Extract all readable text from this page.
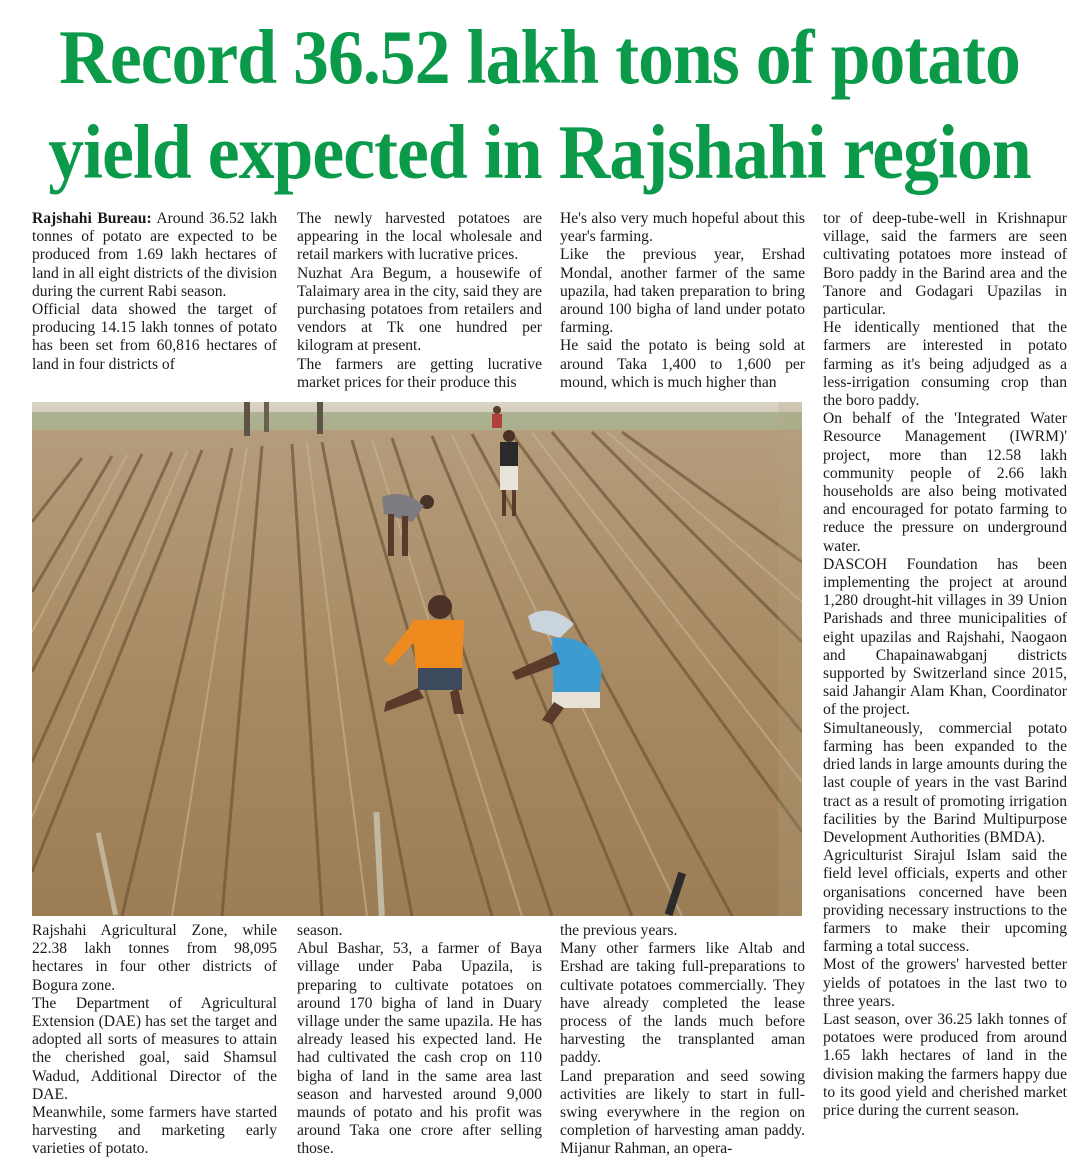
Record 36.52 lakh tons of potato
yield expected in Rajshahi region

Rajshahi Bureau: Around 36.52 lakh tonnes of potato are expected to be produced from 1.69 lakh hectares of land in all eight districts of the division during the current Rabi season.

Official data showed the target of producing 14.15 lakh tonnes of potato has been set from 60,816 hectares of land in four districts of

The newly harvested potatoes are appearing in the local wholesale and retail markers with lucrative prices.

Nuzhat Ara Begum, a housewife of Talaimary area in the city, said they are purchasing potatoes from retailers and vendors at Tk one hundred per kilogram at present.

The farmers are getting lucrative market prices for their produce this

He's also very much hopeful about this year's farming.

Like the previous year, Ershad Mondal, another farmer of the same upazila, had taken preparation to bring around 100 bigha of land under potato farming.

He said the potato is being sold at around Taka 1,400 to 1,600 per mound, which is much higher than

tor of deep-tube-well in Krishnapur village, said the farmers are seen cultivating potatoes more instead of Boro paddy in the Barind area and the Tanore and Godagari Upazilas in particular.

He identically mentioned that the farmers are interested in potato farming as it's being adjudged as a less-irrigation consuming crop than the boro paddy.

On behalf of the 'Integrated Water Resource Management (IWRM)' project, more than 12.58 lakh community people of 2.66 lakh households are also being motivated and encouraged for potato farming to reduce the pressure on underground water.

DASCOH Foundation has been implementing the project at around 1,280 drought-hit villages in 39 Union Parishads and three municipalities of eight upazilas and Rajshahi, Naogaon and Chapainawabganj districts supported by Switzerland since 2015, said Jahangir Alam Khan, Coordinator of the project.

Simultaneously, commercial potato farming has been expanded to the dried lands in large amounts during the last couple of years in the vast Barind tract as a result of promoting irrigation facilities by the Barind Multipurpose Development Authorities (BMDA).

Agriculturist Sirajul Islam said the field level officials, experts and other organisations concerned have been providing necessary instructions to the farmers to make their upcoming farming a total success.

Most of the growers' harvested better yields of potatoes in the last two to three years.

Last season, over 36.25 lakh tonnes of potatoes were produced from around 1.65 lakh hectares of land in the division making the farmers happy due to its good yield and cherished market price during the current season.

Rajshahi Agricultural Zone, while 22.38 lakh tonnes from 98,095 hectares in four other districts of Bogura zone.

The Department of Agricultural Extension (DAE) has set the target and adopted all sorts of measures to attain the cherished goal, said Shamsul Wadud, Additional Director of the DAE.

Meanwhile, some farmers have started harvesting and marketing early varieties of potato.

season.

Abul Bashar, 53, a farmer of Baya village under Paba Upazila, is preparing to cultivate potatoes on around 170 bigha of land in Duary village under the same upazila. He has already leased his expected land. He had cultivated the cash crop on 110 bigha of land in the same area last season and harvested around 9,000 maunds of potato and his profit was around Taka one crore after selling those.

the previous years.

Many other farmers like Altab and Ershad are taking full-preparations to cultivate potatoes commercially. They have already completed the lease process of the lands much before harvesting the transplanted aman paddy.

Land preparation and seed sowing activities are likely to start in full-swing everywhere in the region on completion of harvesting aman paddy. Mijanur Rahman, an opera-
